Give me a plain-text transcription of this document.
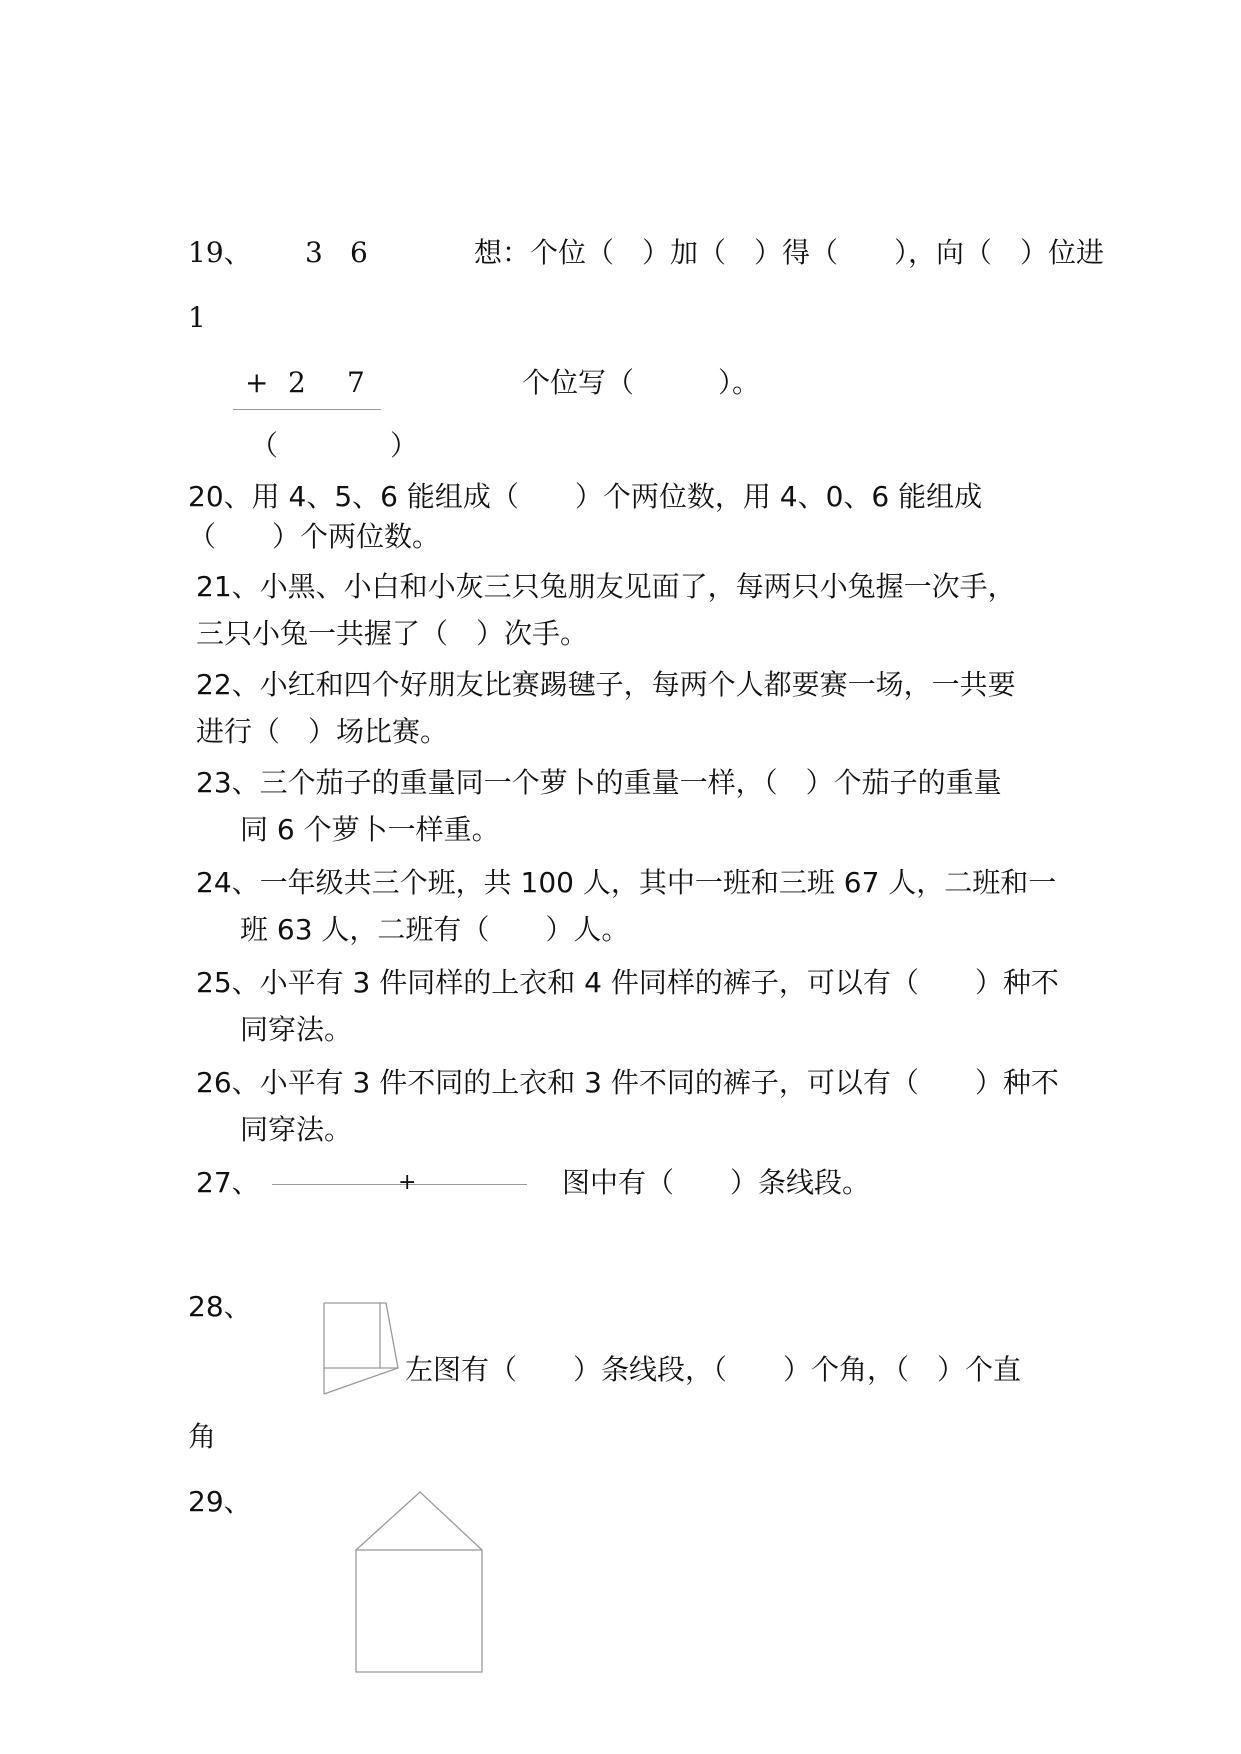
19、 3 6	想：个位（　）加（　）得（　　），向（　）位进
1
+ 2 7	个位写（　　　）。
（　　　　）
20、用 4、5、6 能组成（　　）个两位数，用 4、0、6 能组成
（　　）个两位数。
21、小黑、小白和小灰三只兔朋友见面了，每两只小兔握一次手，
三只小兔一共握了（　）次手。
22、小红和四个好朋友比赛踢毽子，每两个人都要赛一场，一共要
进行（　）场比赛。
23、三个茄子的重量同一个萝卜的重量一样，（　）个茄子的重量
同 6 个萝卜一样重。
24、一年级共三个班，共 100 人，其中一班和三班 67 人，二班和一
班 63 人，二班有（　　）人。
25、小平有 3 件同样的上衣和 4 件同样的裤子，可以有（　　）种不
同穿法。
26、小平有 3 件不同的上衣和 3 件不同的裤子，可以有（　　）种不
同穿法。
27、	+	图中有（　　）条线段。
28、
左图有（　　）条线段，（　　）个角，（　）个直
角
29、
